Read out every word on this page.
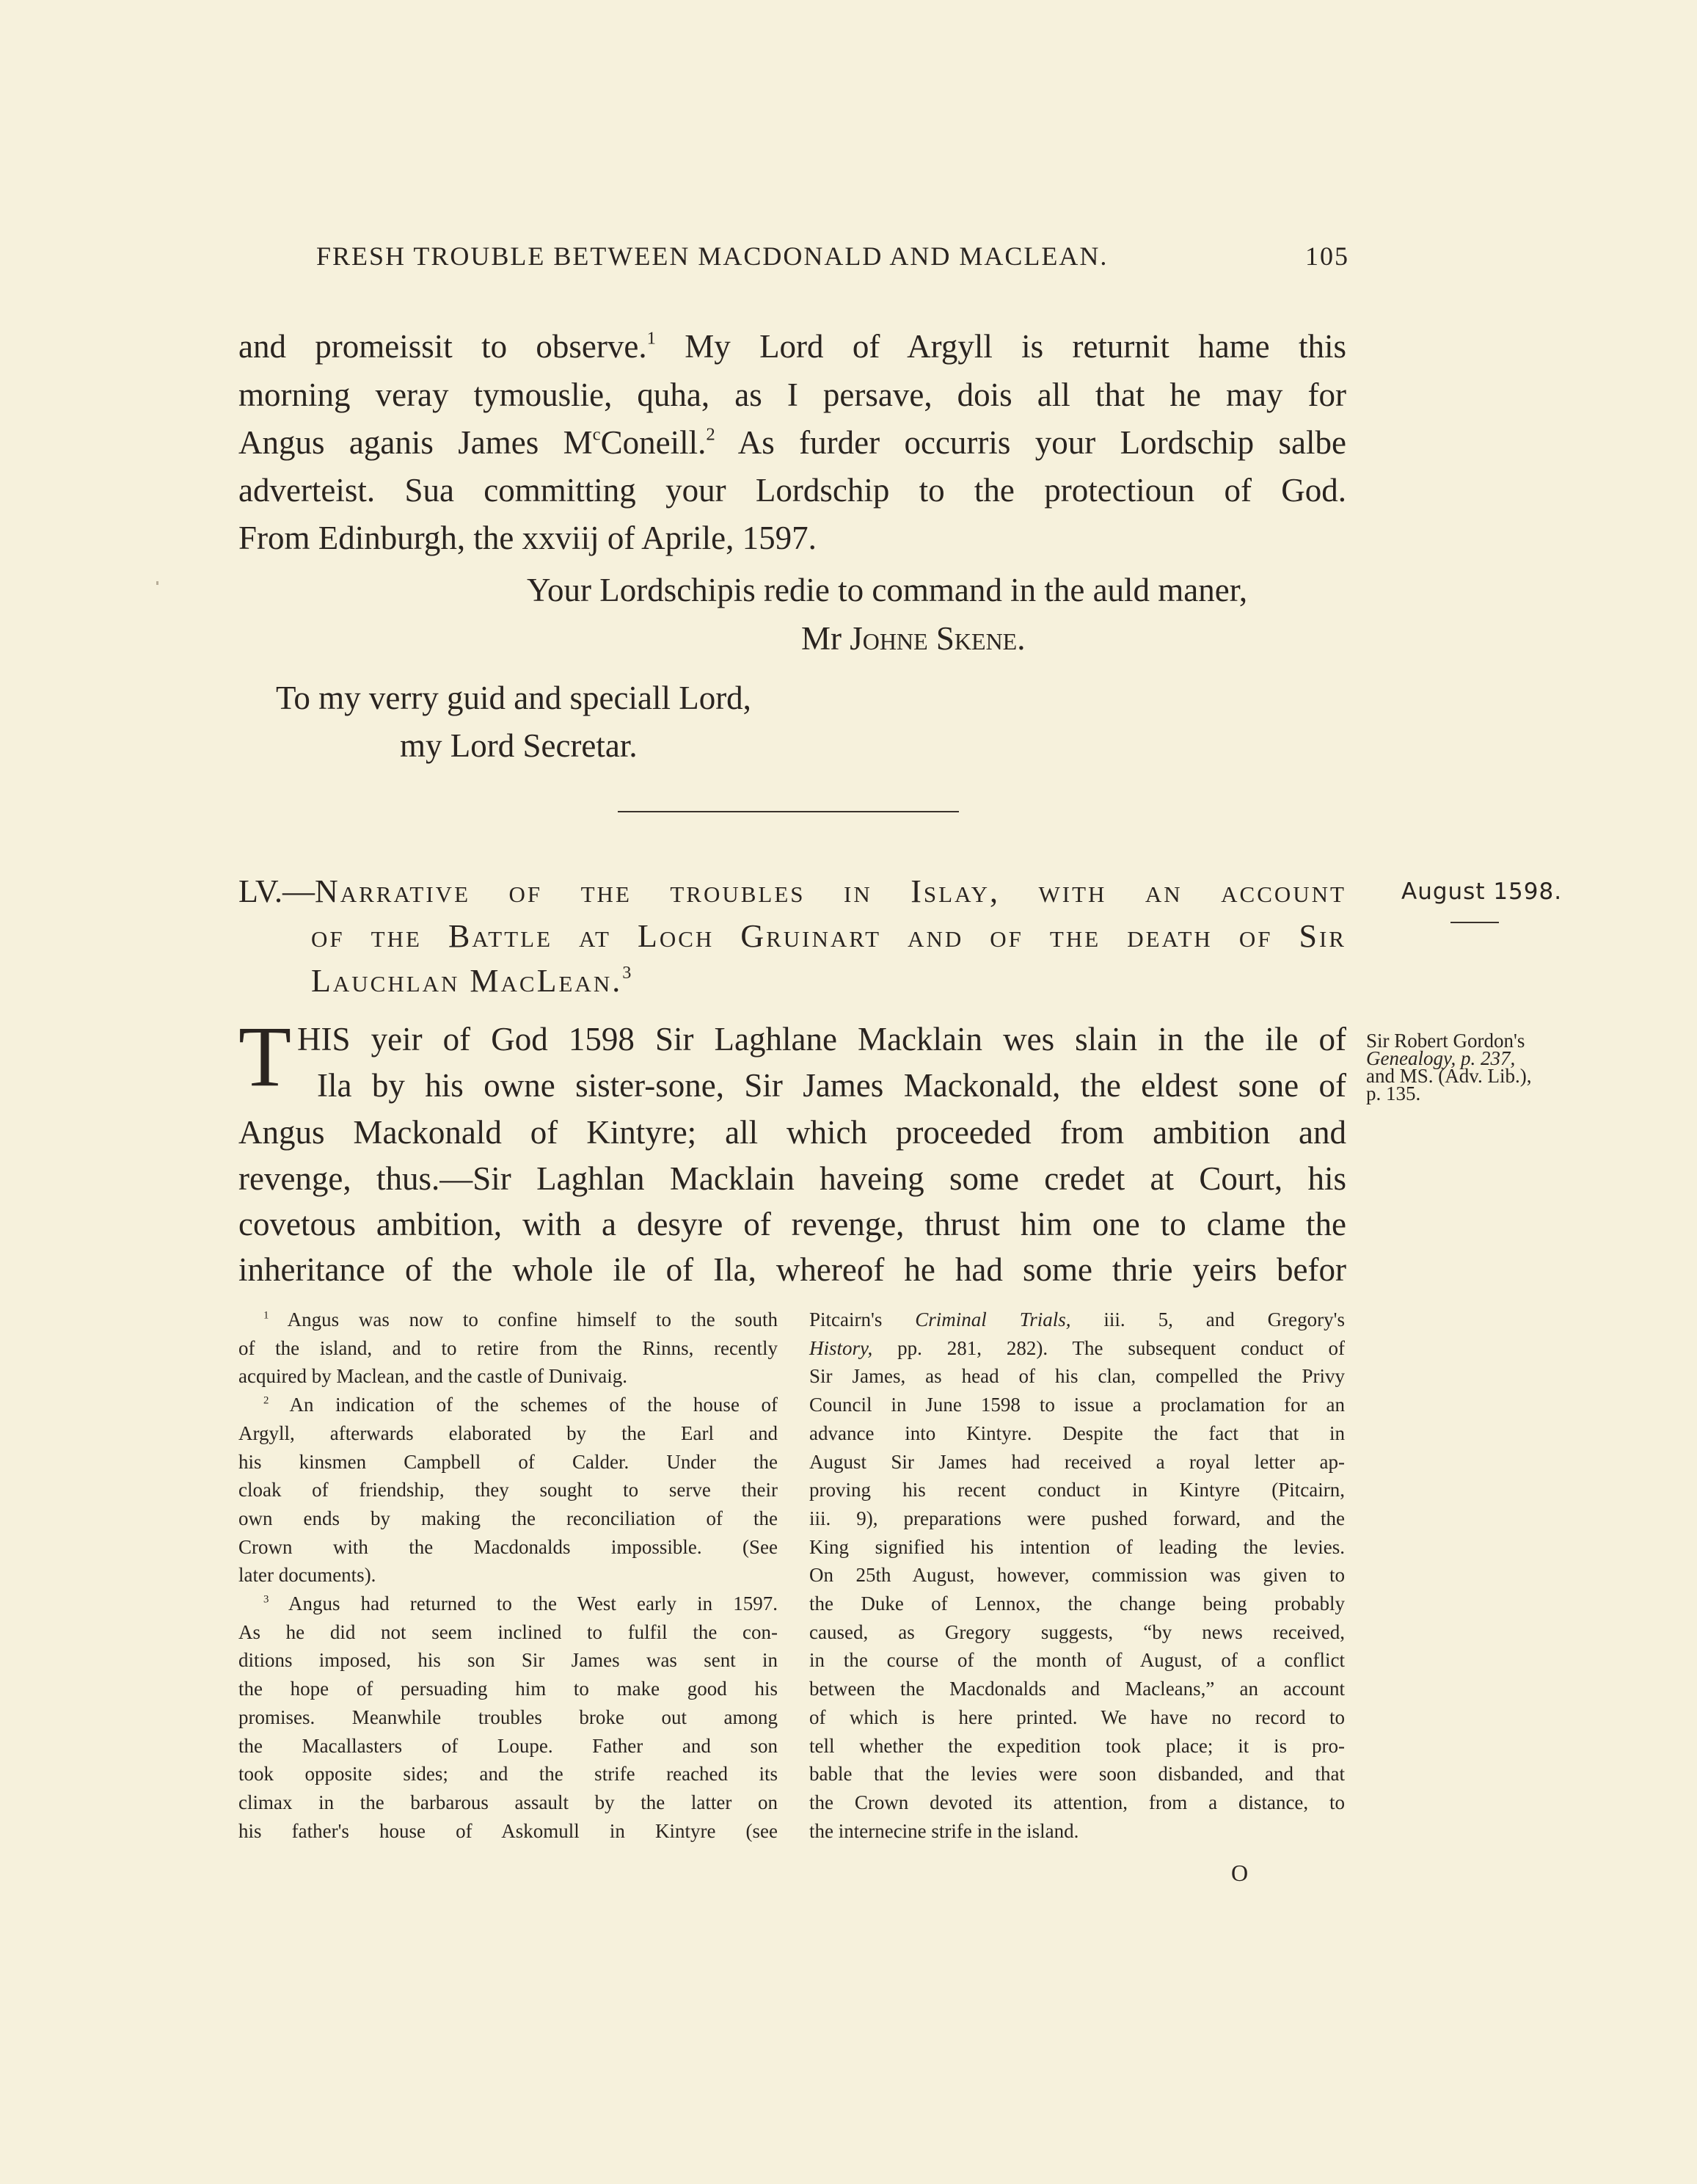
FRESH TROUBLE BETWEEN MACDONALD AND MACLEAN.	105
and promeissit to observe.$^1$ My Lord of Argyll is returnit hame this
morning veray tymouslie, quha, as I persave, dois all that he may for
Angus aganis James $M^cConeill.^2$ As furder occurris your Lordschip salbe
adverteist. Sua committing your Lordschip to the protectioun of God.
From Edinburgh, the xxviij of Aprile, 1597.
Your Lordschipis redie to command in the auld maner,
Mr Johne Skene.
To my verry guid and speciall Lord,
my Lord Secretar.
LV.—Narrative of the troubles in Islay, with an account
of the Battle at Loch Gruinart and of the death of Sir
Lauchlan MacLean.$^3$
August 1598.
T HIS yeir of God 1598 Sir Laghlane Macklain wes slain in the ile of
Ila by his owne sister-sone, Sir James Mackonald, the eldest sone of
Angus Mackonald of Kintyre; all which proceeded from ambition and
revenge, thus.—Sir Laghlan Macklain haveing some credet at Court, his
covetous ambition, with a desyre of revenge, thrust him one to clame the
inheritance of the whole ile of Ila, whereof he had some thrie yeirs befor
Sir Robert Gordon's
Genealogy, p. 237,
and MS. (Adv. Lib.),
p. 135.
$^1$ Angus was now to confine himself to the south
of the island, and to retire from the Rinns, recently
acquired by Maclean, and the castle of Dunivaig.
$^2$ An indication of the schemes of the house of
Argyll, afterwards elaborated by the Earl and
his kinsmen Campbell of Calder. Under the
cloak of friendship, they sought to serve their
own ends by making the reconciliation of the
Crown with the Macdonalds impossible. (See
later documents).
$^3$ Angus had returned to the West early in 1597.
As he did not seem inclined to fulfil the con-
ditions imposed, his son Sir James was sent in
the hope of persuading him to make good his
promises. Meanwhile troubles broke out among
the Macallasters of Loupe. Father and son
took opposite sides; and the strife reached its
climax in the barbarous assault by the latter on
his father's house of Askomull in Kintyre (see
Pitcairn's Criminal Trials, iii. 5, and Gregory's
History, pp. 281, 282). The subsequent conduct of
Sir James, as head of his clan, compelled the Privy
Council in June 1598 to issue a proclamation for an
advance into Kintyre. Despite the fact that in
August Sir James had received a royal letter ap-
proving his recent conduct in Kintyre (Pitcairn,
iii. 9), preparations were pushed forward, and the
King signified his intention of leading the levies.
On 25th August, however, commission was given to
the Duke of Lennox, the change being probably
caused, as Gregory suggests, “by news received,
in the course of the month of August, of a conflict
between the Macdonalds and Macleans,” an account
of which is here printed. We have no record to
tell whether the expedition took place; it is pro-
bable that the levies were soon disbanded, and that
the Crown devoted its attention, from a distance, to
the internecine strife in the island.
O
